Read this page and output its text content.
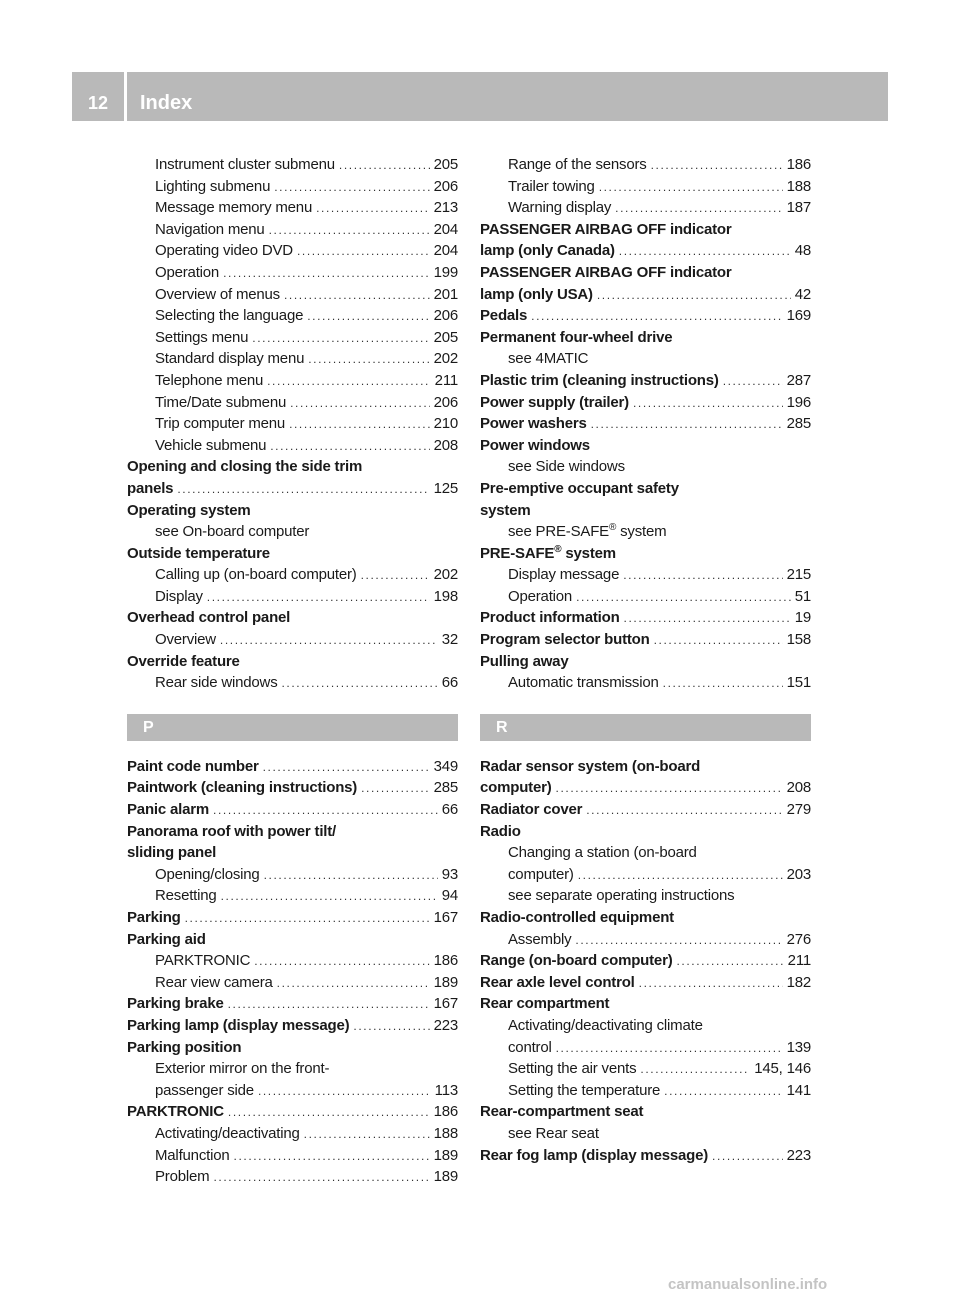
12	Index
Instrument cluster submenu .....	205
Lighting submenu .....	206
Message memory menu .....	213
Navigation menu .....	204
Operating video DVD .....	204
Operation .....	199
Overview of menus .....	201
Selecting the language .....	206
Settings menu .....	205
Standard display menu .....	202
Telephone menu .....	211
Time/Date submenu .....	206
Trip computer menu .....	210
Vehicle submenu .....	208
Opening and closing the side trim
panels .....	125
Operating system
see On-board computer
Outside temperature
Calling up (on-board computer) .....	202
Display .....	198
Overhead control panel
Overview .....	32
Override feature
Rear side windows .....	66
P
Paint code number .....	349
Paintwork (cleaning instructions) .....	285
Panic alarm .....	66
Panorama roof with power tilt/
sliding panel
Opening/closing .....	93
Resetting .....	94
Parking .....	167
Parking aid
PARKTRONIC .....	186
Rear view camera .....	189
Parking brake .....	167
Parking lamp (display message) .....	223
Parking position
Exterior mirror on the front-
passenger side .....	113
PARKTRONIC .....	186
Activating/deactivating .....	188
Malfunction .....	189
Problem .....	189
Range of the sensors .....	186
Trailer towing .....	188
Warning display .....	187
PASSENGER AIRBAG OFF indicator
lamp (only Canada) .....	48
PASSENGER AIRBAG OFF indicator
lamp (only USA) .....	42
Pedals .....	169
Permanent four-wheel drive
see 4MATIC
Plastic trim (cleaning instructions) .....	287
Power supply (trailer) .....	196
Power washers .....	285
Power windows
see Side windows
Pre-emptive occupant safety
system
see PRE-SAFE® system
PRE-SAFE® system
Display message .....	215
Operation .....	51
Product information .....	19
Program selector button .....	158
Pulling away
Automatic transmission .....	151
R
Radar sensor system (on-board
computer) .....	208
Radiator cover .....	279
Radio
Changing a station (on-board
computer) .....	203
see separate operating instructions
Radio-controlled equipment
Assembly .....	276
Range (on-board computer) .....	211
Rear axle level control .....	182
Rear compartment
Activating/deactivating climate
control .....	139
Setting the air vents .....	145, 146
Setting the temperature .....	141
Rear-compartment seat
see Rear seat
Rear fog lamp (display message) .....	223
carmanualsonline.info
